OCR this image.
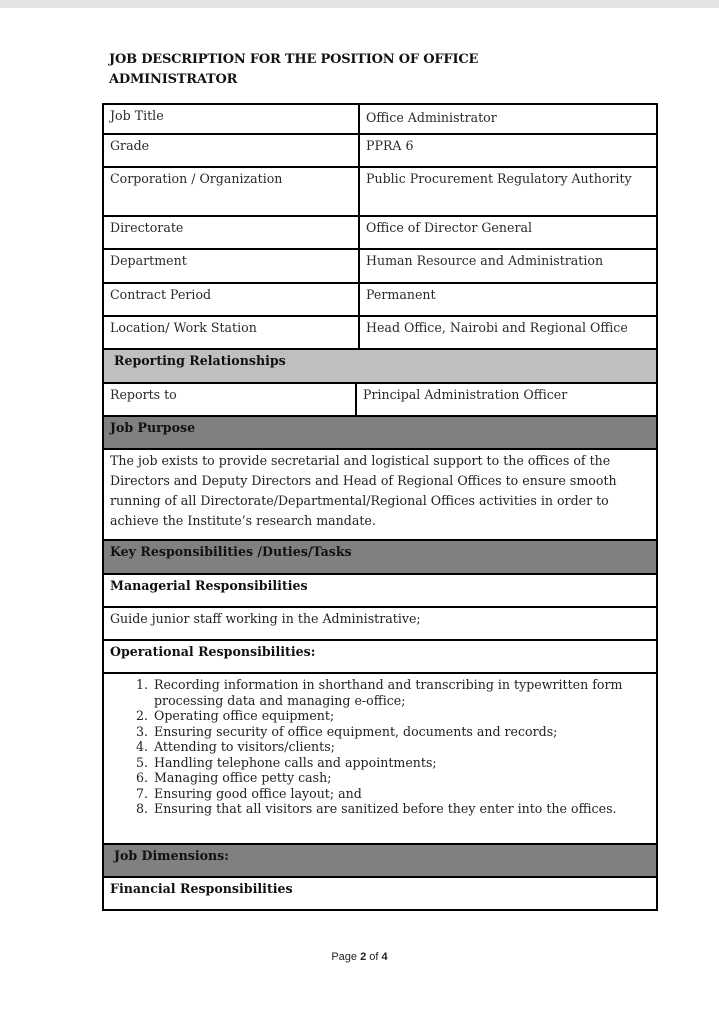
JOB DESCRIPTION FOR THE POSITION OF OFFICE
ADMINISTRATOR
Job Title	Office Administrator
Grade	PPRA 6
Corporation / Organization	Public Procurement Regulatory Authority
Directorate	Office of Director General
Department	Human Resource and Administration
Contract Period	Permanent
Location/ Work Station	Head Office, Nairobi and Regional Office
Reporting Relationships
Reports to	Principal Administration Officer
Job Purpose
The job exists to provide secretarial and logistical support to the offices of the Directors and Deputy Directors and Head of Regional Offices to ensure smooth running of all Directorate/Departmental/Regional Offices activities in order to achieve the Institute’s research mandate.
Key Responsibilities /Duties/Tasks
Managerial Responsibilities
Guide junior staff working in the Administrative;
Operational Responsibilities:
1. Recording information in shorthand and transcribing in typewritten form processing data and managing e-office;
2. Operating office equipment;
3. Ensuring security of office equipment, documents and records;
4. Attending to visitors/clients;
5. Handling telephone calls and appointments;
6. Managing office petty cash;
7. Ensuring good office layout; and
8. Ensuring that all visitors are sanitized before they enter into the offices.
Job Dimensions:
Financial Responsibilities
Page 2 of 4
